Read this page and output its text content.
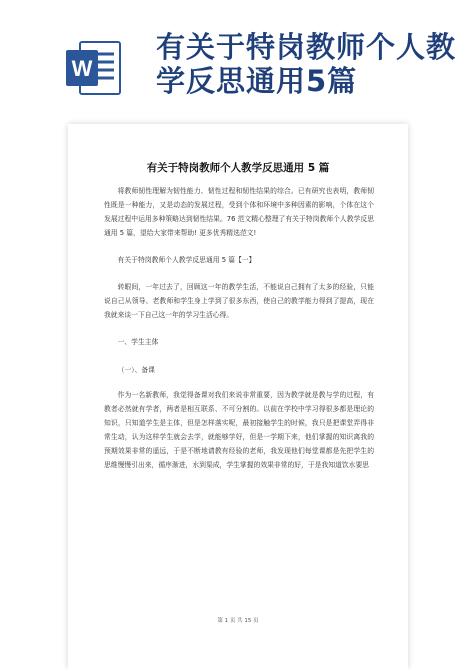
W
有关于特岗教师个人教学反思通用5篇
有关于特岗教师个人教学反思通用 5 篇
将教师韧性理解为韧性能力、韧性过程和韧性结果的综合。已有研究也表明，教师韧性既是一种能力，又是动态的发展过程，受到个体和环境中多种因素的影响，个体在这个发展过程中运用多种策略达到韧性结果。76 范文精心整理了有关于特岗教师个人教学反思通用 5 篇，望给大家带来帮助! 更多优秀精选范文!
有关于特岗教师个人教学反思通用 5 篇【一】
转眼间，一年过去了，回顾这一年的教学生活，不能说自己拥有了太多的经验，只能说自己从领导、老教师和学生身上学到了很多东西，使自己的教学能力得到了提高，现在我就来谈一下自己这一年的学习生活心得。
一、学生主体
（一）、备课
作为一名新教师，我觉得备课对我们来说非常重要，因为教学就是教与学的过程，有教者必然就有学者，两者是相互联系、不可分割的。以前在学校中学习得很多都是理论的知识，只知道学生是主体，但是怎样落实呢，最初接触学生的时候，我只是把课堂弄得非常生动，认为这样学生就会去学，就能够学好，但是一学期下来，他们掌握的知识离我的预期效果非常的遥远，于是不断地请教有经验的老师，我发现他们每堂课都是先把学生的思维慢慢引出来，循序渐进，水到渠成，学生掌握的效果非常的好，于是我知道饮水要思
第 1 页 共 15 页
